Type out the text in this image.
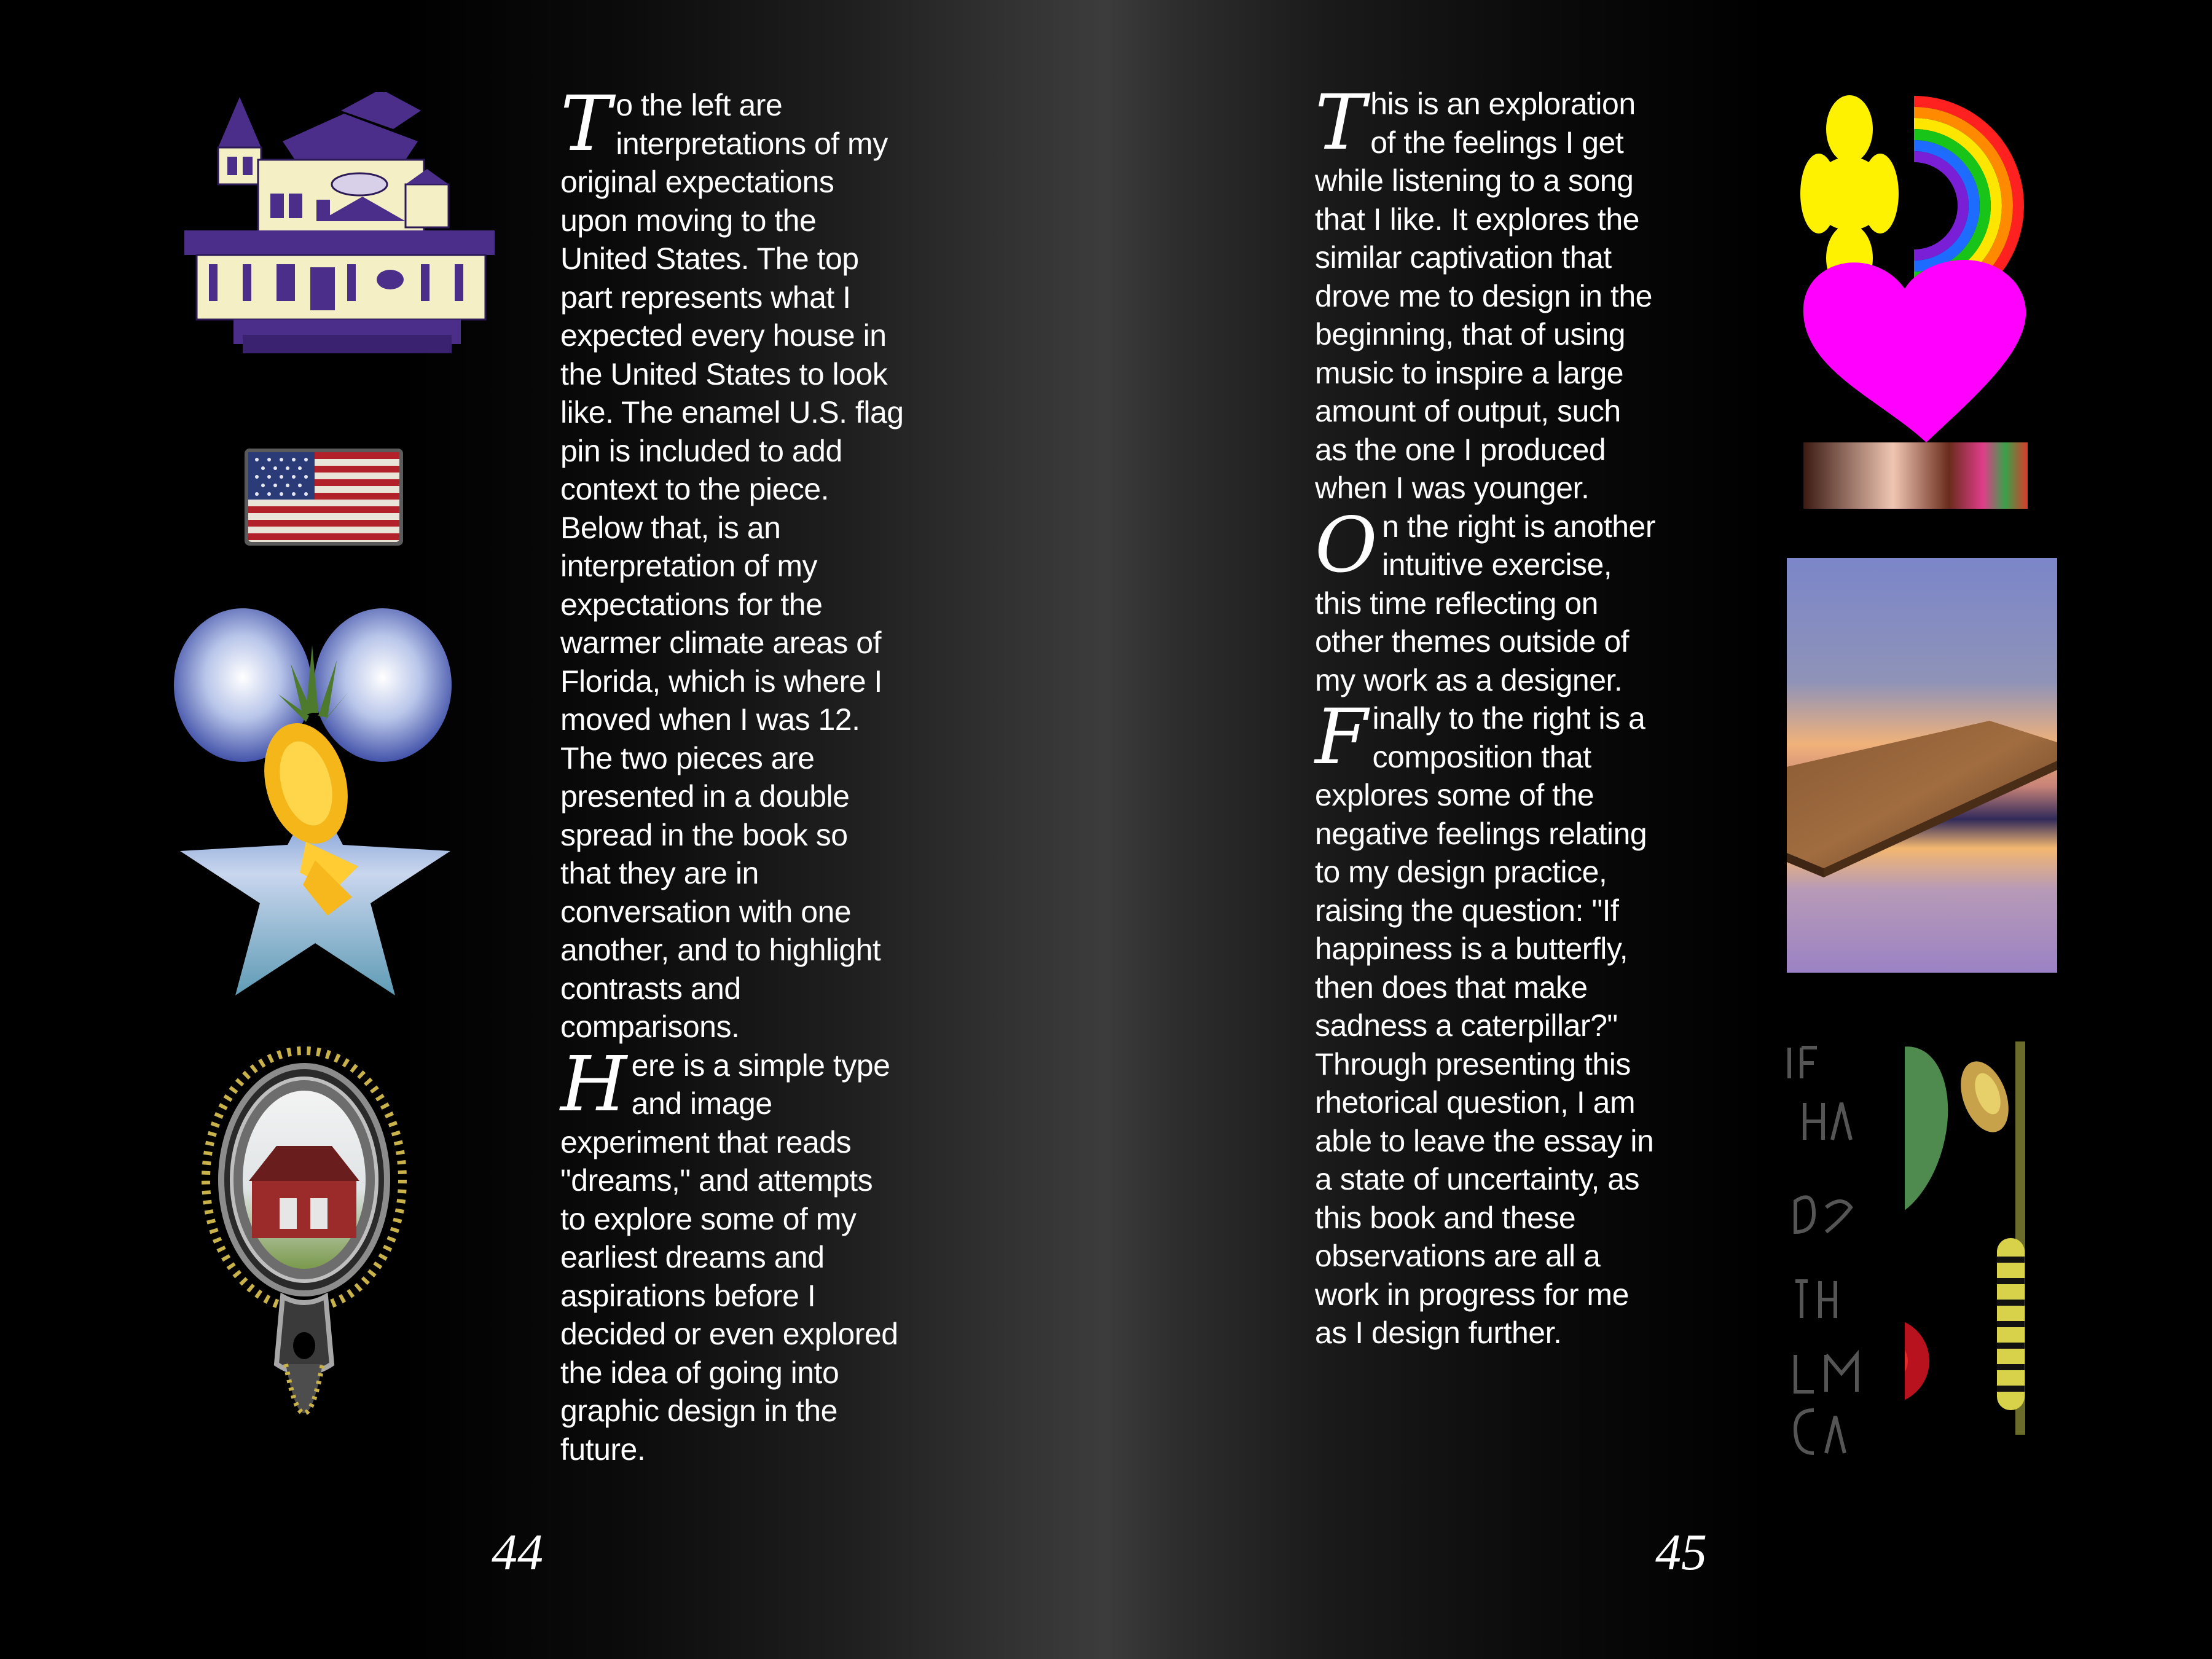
To the left are interpretations of my original expectations upon moving to the United States. The top part represents what I expected every house in the United States to look like. The enamel U.S. flag pin is included to add context to the piece. Below that, is an interpretation of my expectations for the warmer climate areas of Florida, which is where I moved when I was 12. The two pieces are presented in a double spread in the book so that they are in conversation with one another, and to highlight contrasts and comparisons.

Here is a simple type and image experiment that reads "dreams," and attempts to explore some of my earliest dreams and aspirations before I decided or even explored the idea of going into graphic design in the future.

44

This is an exploration of the feelings I get while listening to a song that I like. It explores the similar captivation that drove me to design in the beginning, that of using music to inspire a large amount of output, such as the one I produced when I was younger.

On the right is another intuitive exercise, this time reflecting on other themes outside of my work as a designer.

Finally to the right is a composition that explores some of the negative feelings relating to my design practice, raising the question: "If happiness is a butterfly, then does that make sadness a caterpillar?" Through presenting this rhetorical question, I am able to leave the essay in a state of uncertainty, as this book and these observations are all a work in progress for me as I design further.

45
